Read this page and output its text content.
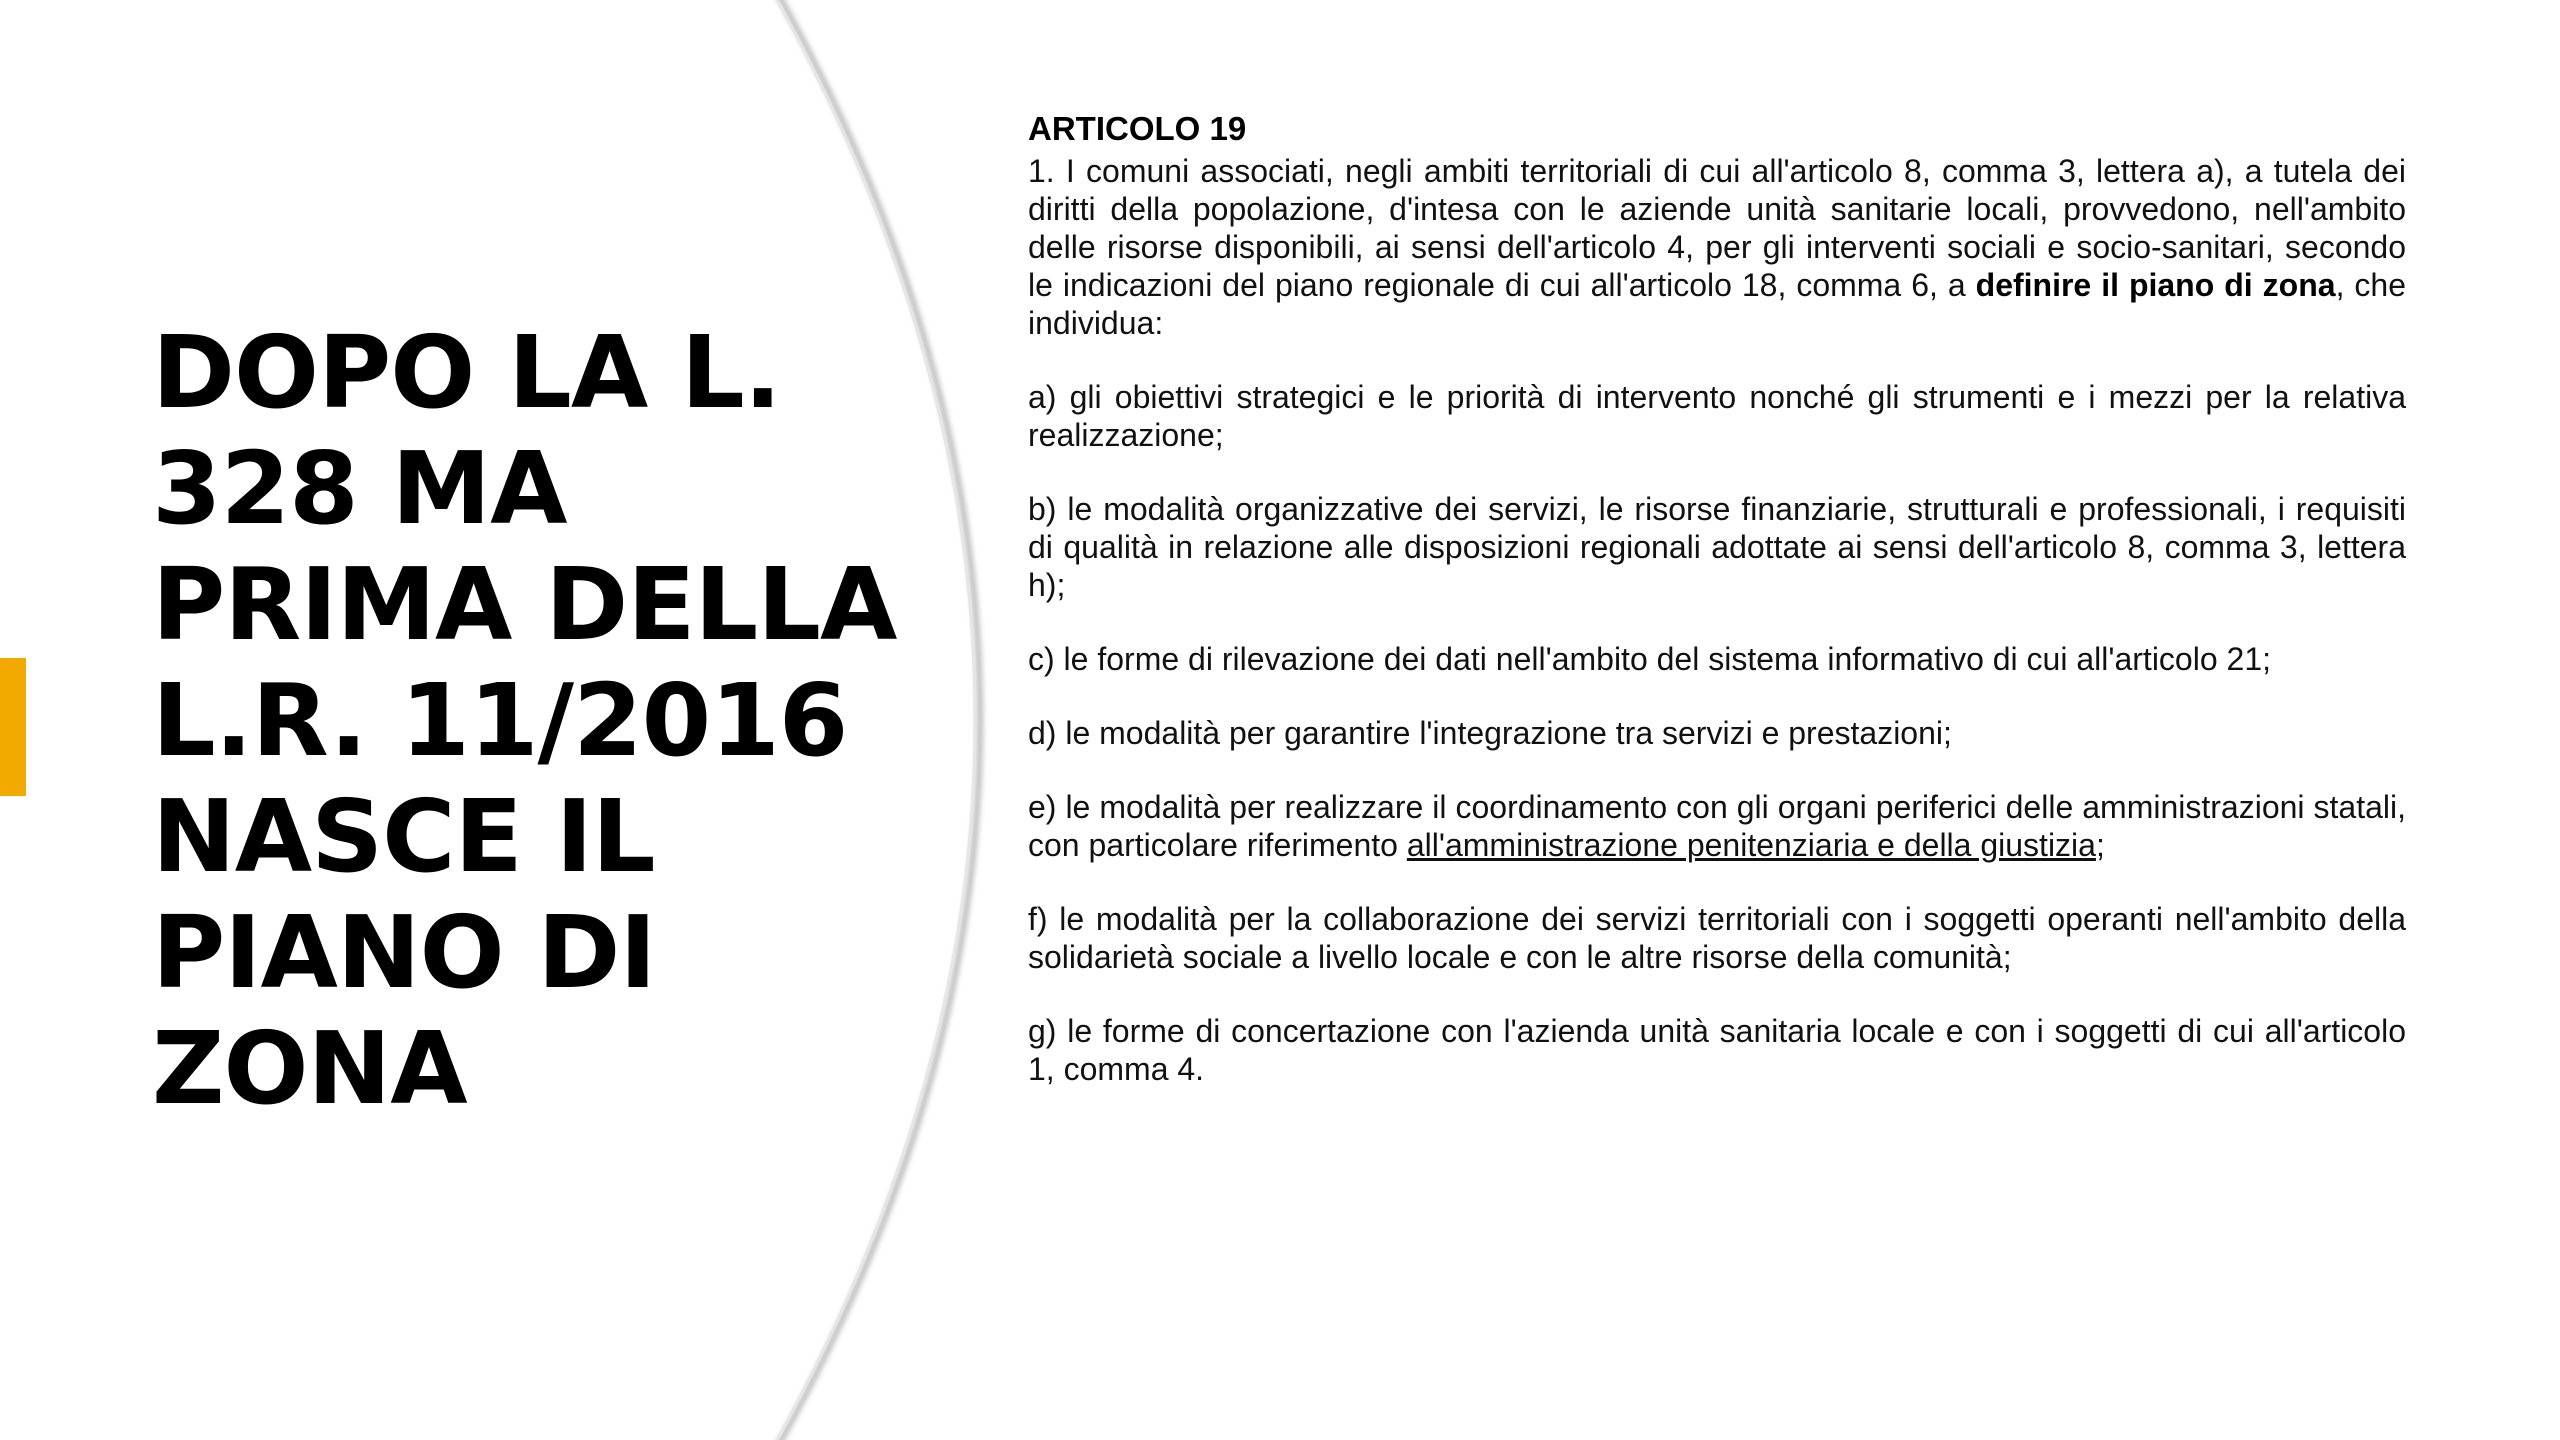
DOPO LA L.
328 MA
PRIMA DELLA
L.R. 11/2016
NASCE IL
PIANO DI
ZONA
ARTICOLO 19

1. I comuni associati, negli ambiti territoriali di cui all'articolo 8, comma 3, lettera a), a tutela dei diritti della popolazione, d'intesa con le aziende unità sanitarie locali, provvedono, nell'ambito delle risorse disponibili, ai sensi dell'articolo 4, per gli interventi sociali e socio-sanitari, secondo le indicazioni del piano regionale di cui all'articolo 18, comma 6, a definire il piano di zona, che individua:

a) gli obiettivi strategici e le priorità di intervento nonché gli strumenti e i mezzi per la relativa realizzazione;

b) le modalità organizzative dei servizi, le risorse finanziarie, strutturali e professionali, i requisiti di qualità in relazione alle disposizioni regionali adottate ai sensi dell'articolo 8, comma 3, lettera h);

c) le forme di rilevazione dei dati nell'ambito del sistema informativo di cui all'articolo 21;

d) le modalità per garantire l'integrazione tra servizi e prestazioni;

e) le modalità per realizzare il coordinamento con gli organi periferici delle amministrazioni statali, con particolare riferimento all'amministrazione penitenziaria e della giustizia;

f) le modalità per la collaborazione dei servizi territoriali con i soggetti operanti nell'ambito della solidarietà sociale a livello locale e con le altre risorse della comunità;

g) le forme di concertazione con l'azienda unità sanitaria locale e con i soggetti di cui all'articolo 1, comma 4.
